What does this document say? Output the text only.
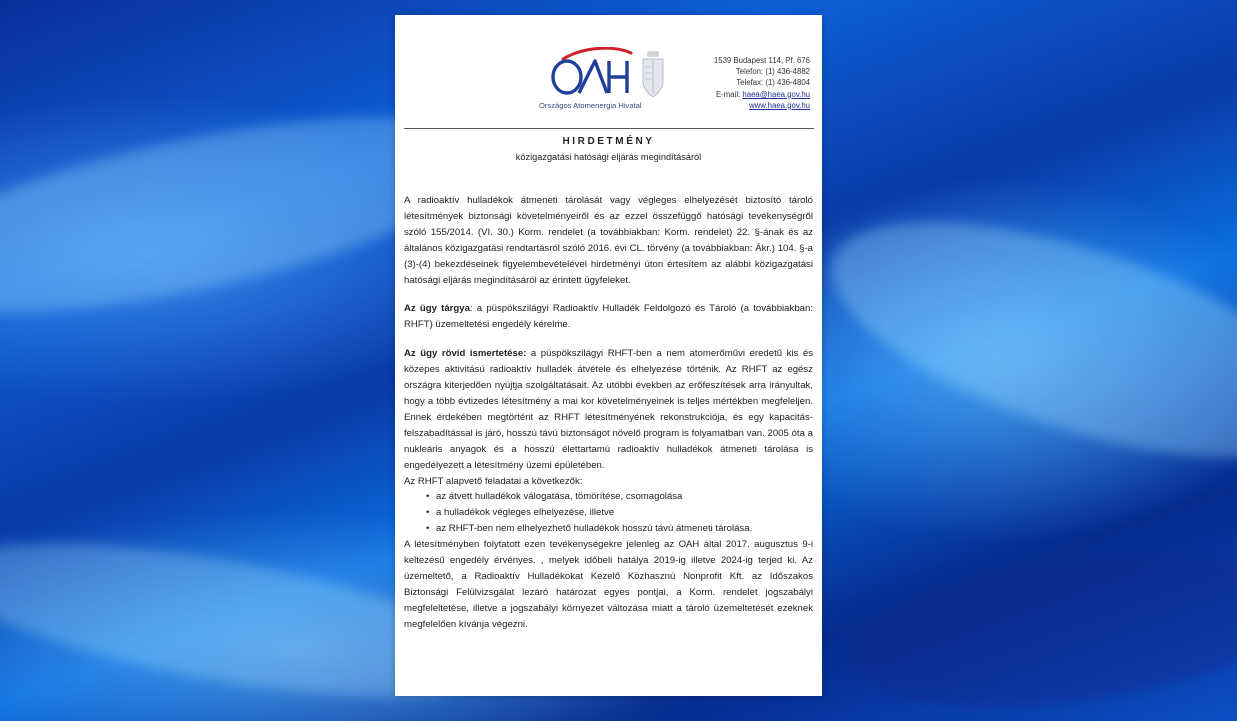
Országos Atomenergia Hivatal
1539 Budapest 114, Pf. 676
Telefon: (1) 436-4882
Telefax: (1) 436-4804
E-mail: haea@haea.gov.hu
www.haea.gov.hu
HIRDETMÉNY
közigazgatási hatósági eljárás megindításáról

A radioaktív hulladékok átmeneti tárolását vagy végleges elhelyezését biztosító tároló létesítmények biztonsági követelményeiről és az ezzel összefüggő hatósági tevékenységről szóló 155/2014. (VI. 30.) Korm. rendelet (a továbbiakban: Korm. rendelet) 22. §-ának és az általános közigazgatási rendtartásról szóló 2016. évi CL. törvény (a továbbiakban: Ákr.) 104. §-a (3)-(4) bekezdéseinek figyelembevételével hirdetményi úton értesítem az alábbi közigazgatási hatósági eljárás megindításáról az érintett ügyfeleket.

Az ügy tárgya: a püspökszilágyi Radioaktív Hulladék Feldolgozó és Tároló (a továbbiakban: RHFT) üzemeltetési engedély kérelme.

Az ügy rövid ismertetése: a püspökszilágyi RHFT-ben a nem atomerőművi eredetű kis és közepes aktivitású radioaktív hulladék átvétele és elhelyezése történik. Az RHFT az egész országra kiterjedően nyújtja szolgáltatásait. Az utóbbi években az erőfeszítések arra irányultak, hogy a több évtizedes létesítmény a mai kor követelményeinek is teljes mértékben megfeleljen. Ennek érdekében megtörtént az RHFT létesítményének rekonstrukciója, és egy kapacitás-felszabadítással is járó, hosszú távú biztonságot növelő program is folyamatban van. 2005 óta a nukleáris anyagok és a hosszú élettartamú radioaktív hulladékok átmeneti tárolása is engedélyezett a létesítmény üzemi épületében.

Az RHFT alapvető feladatai a következők:

• az átvett hulladékok válogatása, tömörítése, csomagolása
• a hulladékok végleges elhelyezése, illetve
• az RHFT-ben nem elhelyezhető hulladékok hosszú távú átmeneti tárolása.

A létesítményben folytatott ezen tevékenységekre jelenleg az OAH által 2017. augusztus 9-i keltezésű engedély érvényes. , melyek időbeli hatálya 2019-ig illetve 2024-ig terjed ki. Az üzemeltető, a Radioaktív Hulladékokat Kezelő Közhasznú Nonprofit Kft. az Időszakos Biztonsági Felülvizsgálat lezáró határozat egyes pontjai, a Korm. rendelet jogszabályi megfeleltetése, illetve a jogszabályi környezet változása miatt a tároló üzemeltetését ezeknek megfelelően kívánja végezni.
